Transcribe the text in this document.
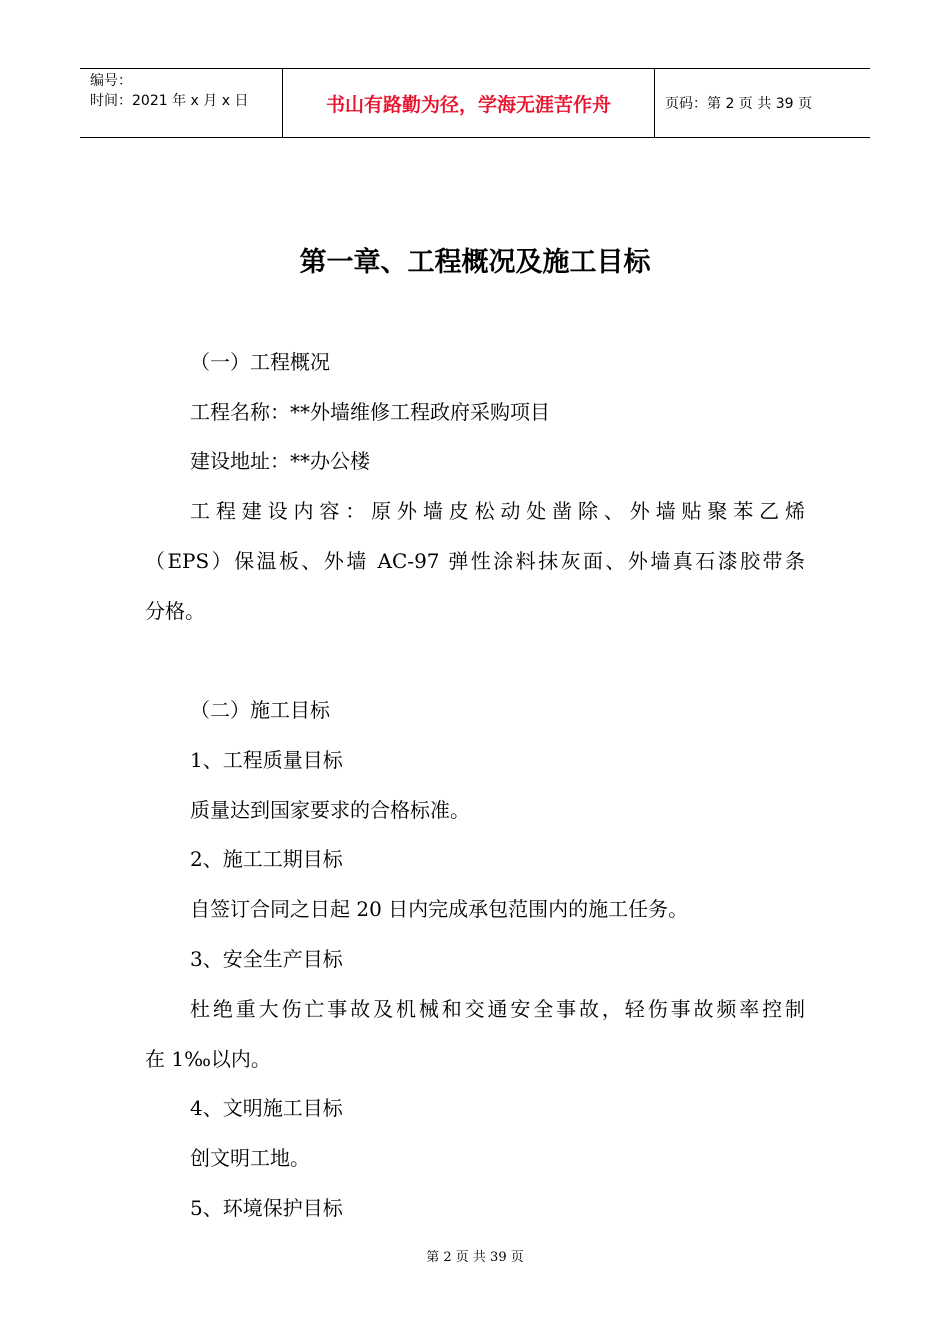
编号：
时间：2021 年 x 月 x 日	书山有路勤为径，学海无涯苦作舟	页码：第 2 页 共 39 页
第一章、工程概况及施工目标
（一）工程概况
工程名称：**外墙维修工程政府采购项目
建设地址：**办公楼
工程建设内容：原外墙皮松动处凿除、外墙贴聚苯乙烯
（EPS）保温板、外墙 AC-97 弹性涂料抹灰面、外墙真石漆胶带条
分格。
（二）施工目标
1、工程质量目标
质量达到国家要求的合格标准。
2、施工工期目标
自签订合同之日起 20 日内完成承包范围内的施工任务。
3、安全生产目标
杜绝重大伤亡事故及机械和交通安全事故，轻伤事故频率控制
在 1‰以内。
4、文明施工目标
创文明工地。
5、环境保护目标
第 2 页 共 39 页
